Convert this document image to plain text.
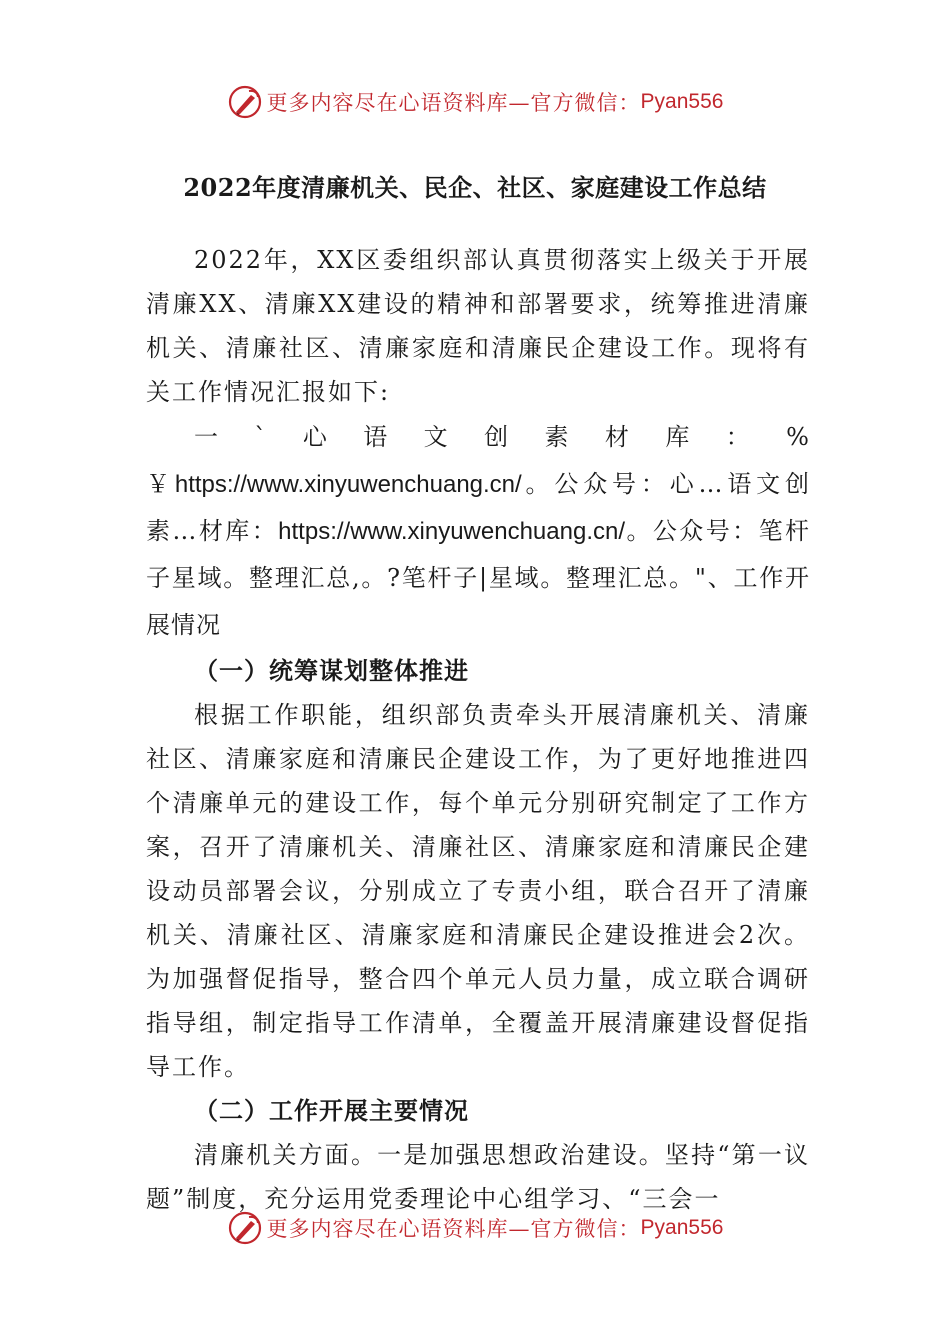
更多内容尽在心语资料库—官方微信： Pyan556
2022年度清廉机关、民企、社区、家庭建设工作总结

2022年，XX区委组织部认真贯彻落实上级关于开展清廉XX、清廉XX建设的精神和部署要求，统筹推进清廉机关、清廉社区、清廉家庭和清廉民企建设工作。现将有关工作情况汇报如下:

一`心语文创素材库：%￥https://www.xinyuwenchuang.cn/。公众号：心…语文创素…材库：https://www.xinyuwenchuang.cn/。公众号：笔杆子星域。整理汇总,。?笔杆子|星域。整理汇总。"、工作开展情况

（一）统筹谋划整体推进

根据工作职能，组织部负责牵头开展清廉机关、清廉社区、清廉家庭和清廉民企建设工作，为了更好地推进四个清廉单元的建设工作，每个单元分别研究制定了工作方案，召开了清廉机关、清廉社区、清廉家庭和清廉民企建设动员部署会议，分别成立了专责小组，联合召开了清廉机关、清廉社区、清廉家庭和清廉民企建设推进会2次。为加强督促指导，整合四个单元人员力量，成立联合调研指导组，制定指导工作清单，全覆盖开展清廉建设督促指导工作。

（二）工作开展主要情况

清廉机关方面。一是加强思想政治建设。坚持“第一议题”制度，充分运用党委理论中心组学习、“三会一

更多内容尽在心语资料库—官方微信： Pyan556
